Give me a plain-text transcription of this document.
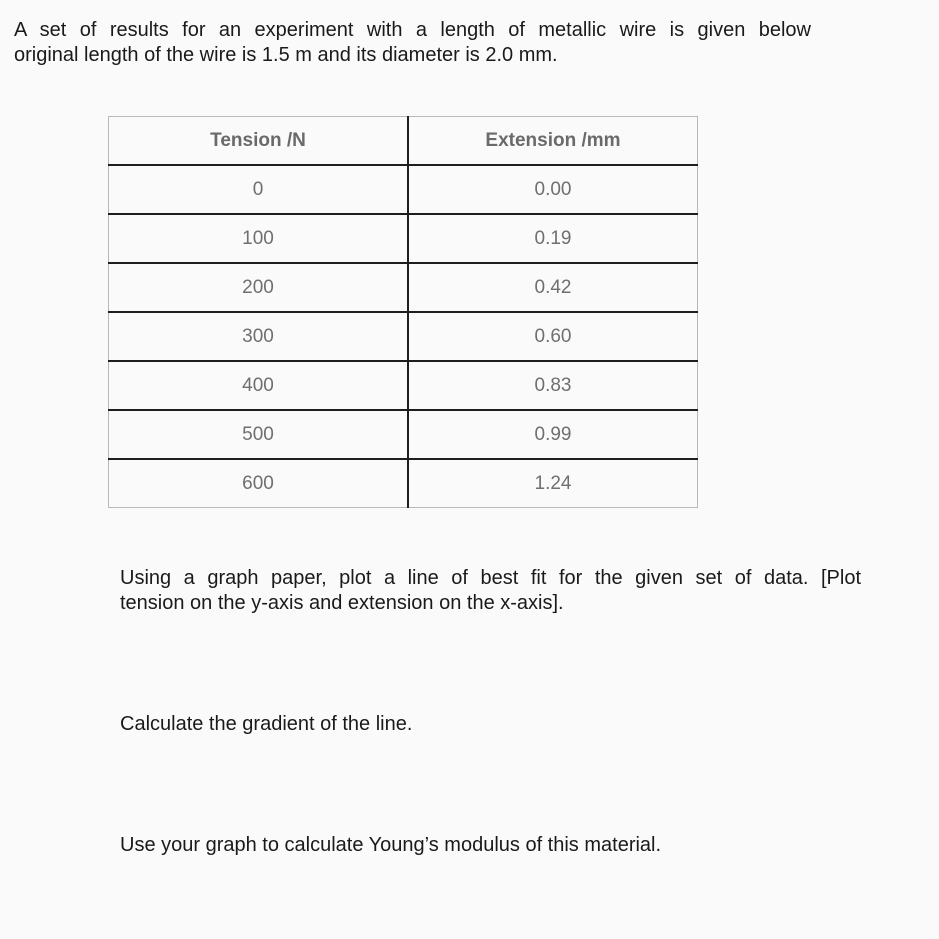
A set of results for an experiment with a length of metallic wire is given below
original length of the wire is 1.5 m and its diameter is 2.0 mm.
Tension /N	Extension /mm
0	0.00
100	0.19
200	0.42
300	0.60
400	0.83
500	0.99
600	1.24
Using a graph paper, plot a line of best fit for the given set of data. [Plot
tension on the y-axis and extension on the x-axis].
Calculate the gradient of the line.
Use your graph to calculate Young’s modulus of this material.
